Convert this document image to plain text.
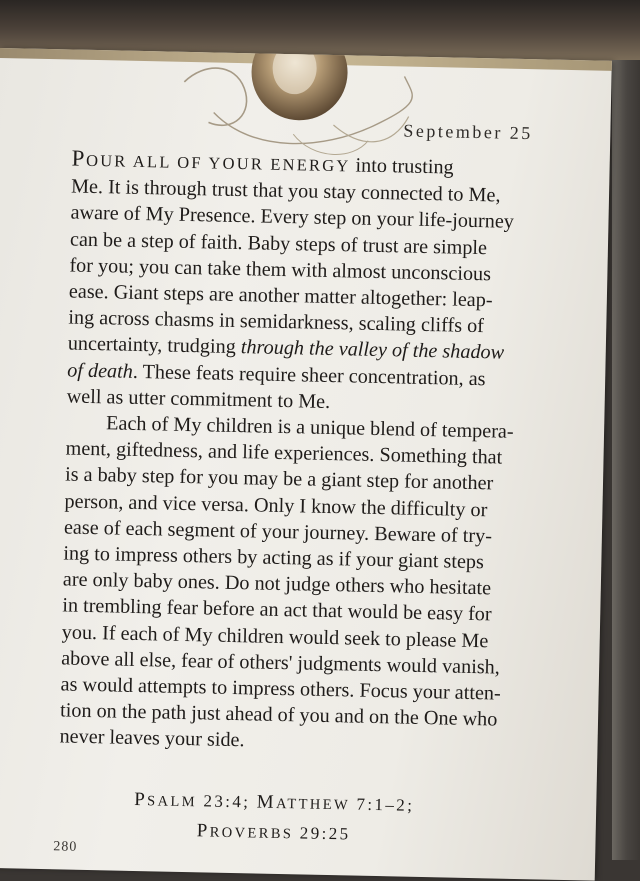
September 25
POUR ALL OF YOUR ENERGY into trusting
Me. It is through trust that you stay connected to Me,
aware of My Presence. Every step on your life-journey
can be a step of faith. Baby steps of trust are simple
for you; you can take them with almost unconscious
ease. Giant steps are another matter altogether: leap-
ing across chasms in semidarkness, scaling cliffs of
uncertainty, trudging through the valley of the shadow
of death. These feats require sheer concentration, as
well as utter commitment to Me.
Each of My children is a unique blend of tempera-
ment, giftedness, and life experiences. Something that
is a baby step for you may be a giant step for another
person, and vice versa. Only I know the difficulty or
ease of each segment of your journey. Beware of try-
ing to impress others by acting as if your giant steps
are only baby ones. Do not judge others who hesitate
in trembling fear before an act that would be easy for
you. If each of My children would seek to please Me
above all else, fear of others' judgments would vanish,
as would attempts to impress others. Focus your atten-
tion on the path just ahead of you and on the One who
never leaves your side.
PSALM 23:4; MATTHEW 7:1–2;
PROVERBS 29:25
280
